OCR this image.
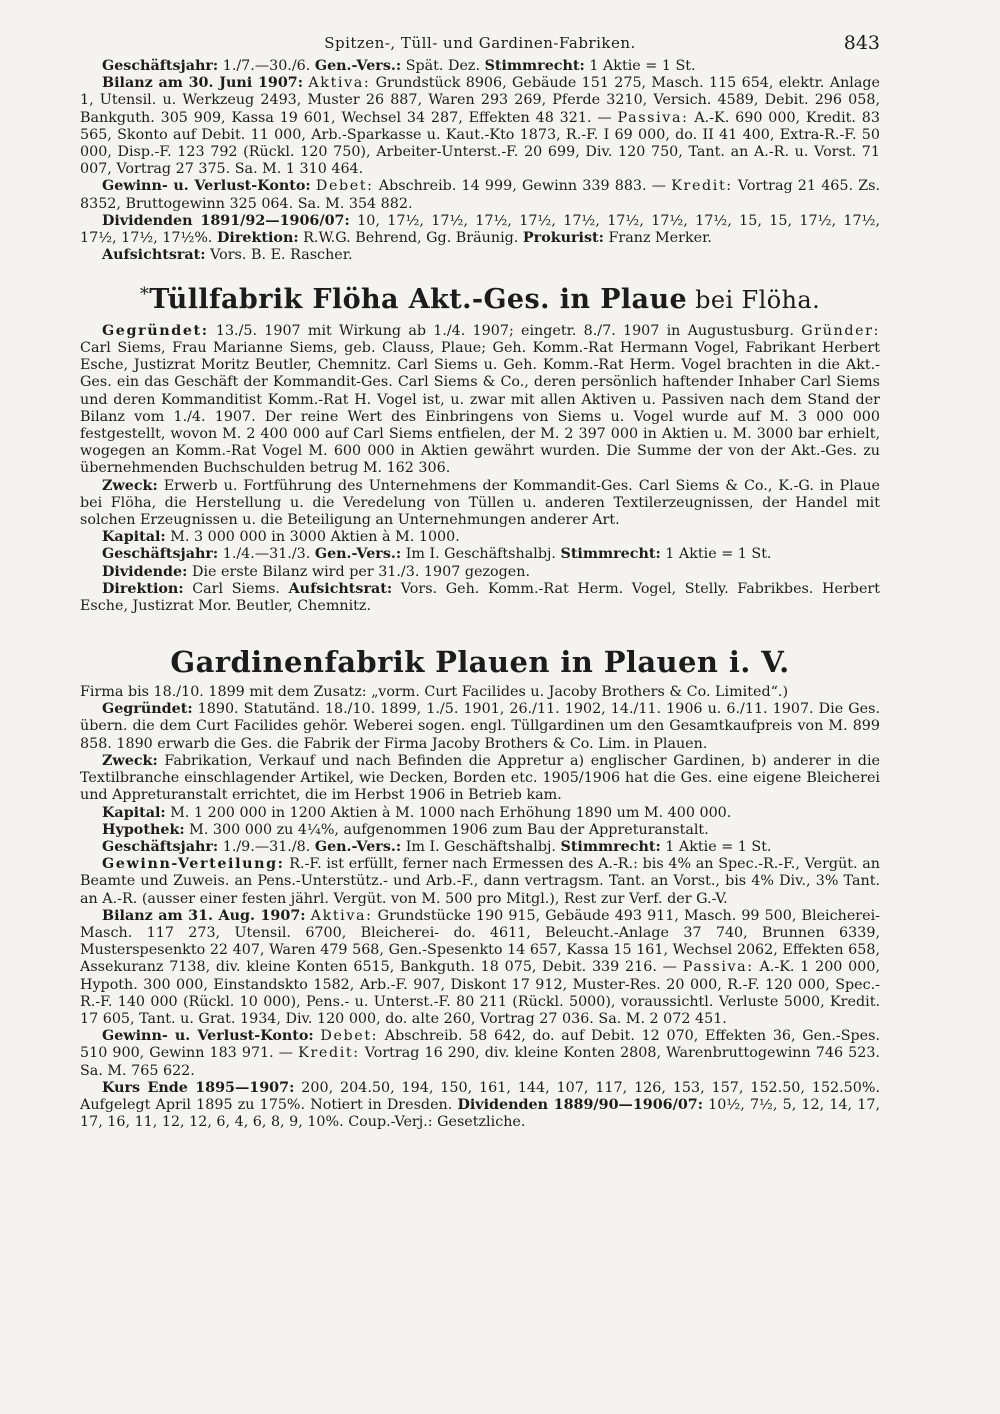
Spitzen-, Tüll- und Gardinen-Fabriken.	843

Geschäftsjahr: 1./7.—30./6. Gen.-Vers.: Spät. Dez. Stimmrecht: 1 Aktie = 1 St.

Bilanz am 30. Juni 1907: Aktiva: Grundstück 8906, Gebäude 151 275, Masch. 115 654, elektr. Anlage 1, Utensil. u. Werkzeug 2493, Muster 26 887, Waren 293 269, Pferde 3210, Versich. 4589, Debit. 296 058, Bankguth. 305 909, Kassa 19 601, Wechsel 34 287, Effekten 48 321. — Passiva: A.-K. 690 000, Kredit. 83 565, Skonto auf Debit. 11 000, Arb.-Sparkasse u. Kaut.-Kto 1873, R.-F. I 69 000, do. II 41 400, Extra-R.-F. 50 000, Disp.-F. 123 792 (Rückl. 120 750), Arbeiter-Unterst.-F. 20 699, Div. 120 750, Tant. an A.-R. u. Vorst. 71 007, Vortrag 27 375. Sa. M. 1 310 464.

Gewinn- u. Verlust-Konto: Debet: Abschreib. 14 999, Gewinn 339 883. — Kredit: Vortrag 21 465. Zs. 8352, Bruttogewinn 325 064. Sa. M. 354 882.

Dividenden 1891/92—1906/07: 10, 17½, 17½, 17½, 17½, 17½, 17½, 17½, 17½, 15, 15, 17½, 17½, 17½, 17½, 17½%. Direktion: R.W.G. Behrend, Gg. Bräunig. Prokurist: Franz Merker.

Aufsichtsrat: Vors. B. E. Rascher.

*Tüllfabrik Flöha Akt.-Ges. in Plaue bei Flöha.

Gegründet: 13./5. 1907 mit Wirkung ab 1./4. 1907; eingetr. 8./7. 1907 in Augustusburg. Gründer: Carl Siems, Frau Marianne Siems, geb. Clauss, Plaue; Geh. Komm.-Rat Hermann Vogel, Fabrikant Herbert Esche, Justizrat Moritz Beutler, Chemnitz. Carl Siems u. Geh. Komm.-Rat Herm. Vogel brachten in die Akt.-Ges. ein das Geschäft der Kommandit-Ges. Carl Siems & Co., deren persönlich haftender Inhaber Carl Siems und deren Kommanditist Komm.-Rat H. Vogel ist, u. zwar mit allen Aktiven u. Passiven nach dem Stand der Bilanz vom 1./4. 1907. Der reine Wert des Einbringens von Siems u. Vogel wurde auf M. 3 000 000 festgestellt, wovon M. 2 400 000 auf Carl Siems entfielen, der M. 2 397 000 in Aktien u. M. 3000 bar erhielt, wogegen an Komm.-Rat Vogel M. 600 000 in Aktien gewährt wurden. Die Summe der von der Akt.-Ges. zu übernehmenden Buchschulden betrug M. 162 306.

Zweck: Erwerb u. Fortführung des Unternehmens der Kommandit-Ges. Carl Siems & Co., K.-G. in Plaue bei Flöha, die Herstellung u. die Veredelung von Tüllen u. anderen Textilerzeugnissen, der Handel mit solchen Erzeugnissen u. die Beteiligung an Unternehmungen anderer Art.

Kapital: M. 3 000 000 in 3000 Aktien à M. 1000.

Geschäftsjahr: 1./4.—31./3. Gen.-Vers.: Im I. Geschäftshalbj. Stimmrecht: 1 Aktie = 1 St.

Dividende: Die erste Bilanz wird per 31./3. 1907 gezogen.

Direktion: Carl Siems. Aufsichtsrat: Vors. Geh. Komm.-Rat Herm. Vogel, Stelly. Fabrikbes. Herbert Esche, Justizrat Mor. Beutler, Chemnitz.

Gardinenfabrik Plauen in Plauen i. V.

Firma bis 18./10. 1899 mit dem Zusatz: „vorm. Curt Facilides u. Jacoby Brothers & Co. Limited“.)

Gegründet: 1890. Statutänd. 18./10. 1899, 1./5. 1901, 26./11. 1902, 14./11. 1906 u. 6./11. 1907. Die Ges. übern. die dem Curt Facilides gehör. Weberei sogen. engl. Tüllgardinen um den Gesamtkaufpreis von M. 899 858. 1890 erwarb die Ges. die Fabrik der Firma Jacoby Brothers & Co. Lim. in Plauen.

Zweck: Fabrikation, Verkauf und nach Befinden die Appretur a) englischer Gardinen, b) anderer in die Textilbranche einschlagender Artikel, wie Decken, Borden etc. 1905/1906 hat die Ges. eine eigene Bleicherei und Appreturanstalt errichtet, die im Herbst 1906 in Betrieb kam.

Kapital: M. 1 200 000 in 1200 Aktien à M. 1000 nach Erhöhung 1890 um M. 400 000.

Hypothek: M. 300 000 zu 4¼%, aufgenommen 1906 zum Bau der Appreturanstalt.

Geschäftsjahr: 1./9.—31./8. Gen.-Vers.: Im I. Geschäftshalbj. Stimmrecht: 1 Aktie = 1 St.

Gewinn-Verteilung: R.-F. ist erfüllt, ferner nach Ermessen des A.-R.: bis 4% an Spec.-R.-F., Vergüt. an Beamte und Zuweis. an Pens.-Unterstütz.- und Arb.-F., dann vertragsm. Tant. an Vorst., bis 4% Div., 3% Tant. an A.-R. (ausser einer festen jährl. Vergüt. von M. 500 pro Mitgl.), Rest zur Verf. der G.-V.

Bilanz am 31. Aug. 1907: Aktiva: Grundstücke 190 915, Gebäude 493 911, Masch. 99 500, Bleicherei-Masch. 117 273, Utensil. 6700, Bleicherei- do. 4611, Beleucht.-Anlage 37 740, Brunnen 6339, Musterspesenkto 22 407, Waren 479 568, Gen.-Spesenkto 14 657, Kassa 15 161, Wechsel 2062, Effekten 658, Assekuranz 7138, div. kleine Konten 6515, Bankguth. 18 075, Debit. 339 216. — Passiva: A.-K. 1 200 000, Hypoth. 300 000, Einstandskto 1582, Arb.-F. 907, Diskont 17 912, Muster-Res. 20 000, R.-F. 120 000, Spec.-R.-F. 140 000 (Rückl. 10 000), Pens.- u. Unterst.-F. 80 211 (Rückl. 5000), voraussichtl. Verluste 5000, Kredit. 17 605, Tant. u. Grat. 1934, Div. 120 000, do. alte 260, Vortrag 27 036. Sa. M. 2 072 451.

Gewinn- u. Verlust-Konto: Debet: Abschreib. 58 642, do. auf Debit. 12 070, Effekten 36, Gen.-Spes. 510 900, Gewinn 183 971. — Kredit: Vortrag 16 290, div. kleine Konten 2808, Warenbruttogewinn 746 523. Sa. M. 765 622.

Kurs Ende 1895—1907: 200, 204.50, 194, 150, 161, 144, 107, 117, 126, 153, 157, 152.50, 152.50%. Aufgelegt April 1895 zu 175%. Notiert in Dresden. Dividenden 1889/90—1906/07: 10½, 7½, 5, 12, 14, 17, 17, 16, 11, 12, 12, 6, 4, 6, 8, 9, 10%. Coup.-Verj.: Gesetzliche.
